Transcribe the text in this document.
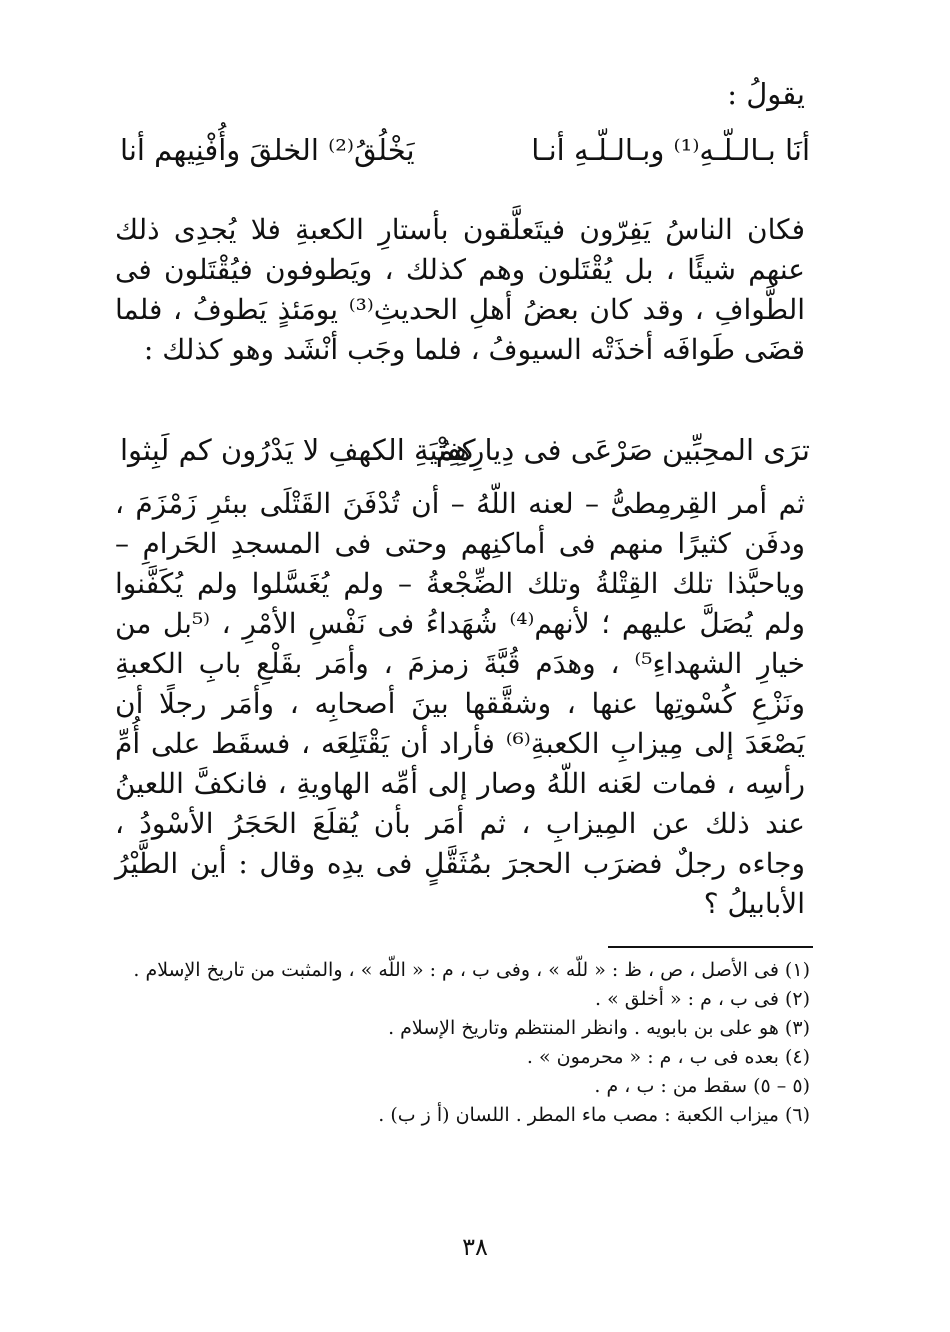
يقولُ :
أنَا بـالـلّـهِ⁽¹⁾ وبـالـلّـهِ أنـا
يَخْلُقُ⁽²⁾ الخلقَ وأُفْنِيهم أنا

فكان الناسُ يَفِرّون فيتَعلَّقون بأستارِ الكعبةِ فلا يُجدِى ذلك عنهم شيئًا ، بل يُقْتَلون وهم كذلك ، ويَطوفون فيُقْتَلون فى الطَّوافِ ، وقد كان بعضُ أهلِ الحديثِ⁽³⁾ يومَئذٍ يَطوفُ ، فلما قضَى طَوافَه أخذَتْه السيوفُ ، فلما وجَب أنْشَد وهو كذلك :

ترَى المحِبِّين صَرْعَى فى دِيارِهِمُ
كفِتْيَةِ الكهفِ لا يَدْرُون كم لَبِثوا

ثم أمر القِرمِطىُّ – لعنه اللّهُ – أن تُدْفَنَ القَتْلَى ببئرِ زَمْزَمَ ، ودفَن كثيرًا منهم فى أماكنِهم وحتى فى المسجدِ الحَرامِ – وياحبَّذا تلك القِتْلةُ وتلك الضِّجْعةُ – ولم يُغَسَّلوا ولم يُكَفَّنوا ولم يُصَلَّ عليهم ؛ لأنهم⁽⁴⁾ شُهَداءُ فى نَفْسِ الأمْرِ ، ⁽⁵بل من خيارِ الشهداءِ⁵⁾ ، وهدَم قُبَّةَ زمزمَ ، وأمَر بقَلْعِ بابِ الكعبةِ ونَزْعِ كُسْوتِها عنها ، وشقَّقها بينَ أصحابِه ، وأمَر رجلًا أن يَصْعَدَ إلى مِيزابِ الكعبةِ⁽⁶⁾ فأراد أن يَقْتَلِعَه ، فسقَط على أُمِّ رأسِه ، فمات لعَنه اللّهُ وصار إلى أمِّه الهاويةِ ، فانكفَّ اللعينُ عند ذلك عن المِيزابِ ، ثم أمَر بأن يُقلَعَ الحَجَرُ الأسْودُ ، وجاءه رجلٌ فضرَب الحجرَ بمُثَقَّلٍ فى يدِه وقال : أين الطَّيْرُ الأبابيلُ ؟

(١) فى الأصل ، ص ، ظ : « للّه » ، وفى ب ، م : « اللّه » ، والمثبت من تاريخ الإسلام .
(٢) فى ب ، م : « أخلق » .
(٣) هو على بن بابويه . وانظر المنتظم وتاريخ الإسلام .
(٤) بعده فى ب ، م : « محرمون » .
(٥ – ٥) سقط من : ب ، م .
(٦) ميزاب الكعبة : مصب ماء المطر . اللسان (أ ز ب) .
٣٨
